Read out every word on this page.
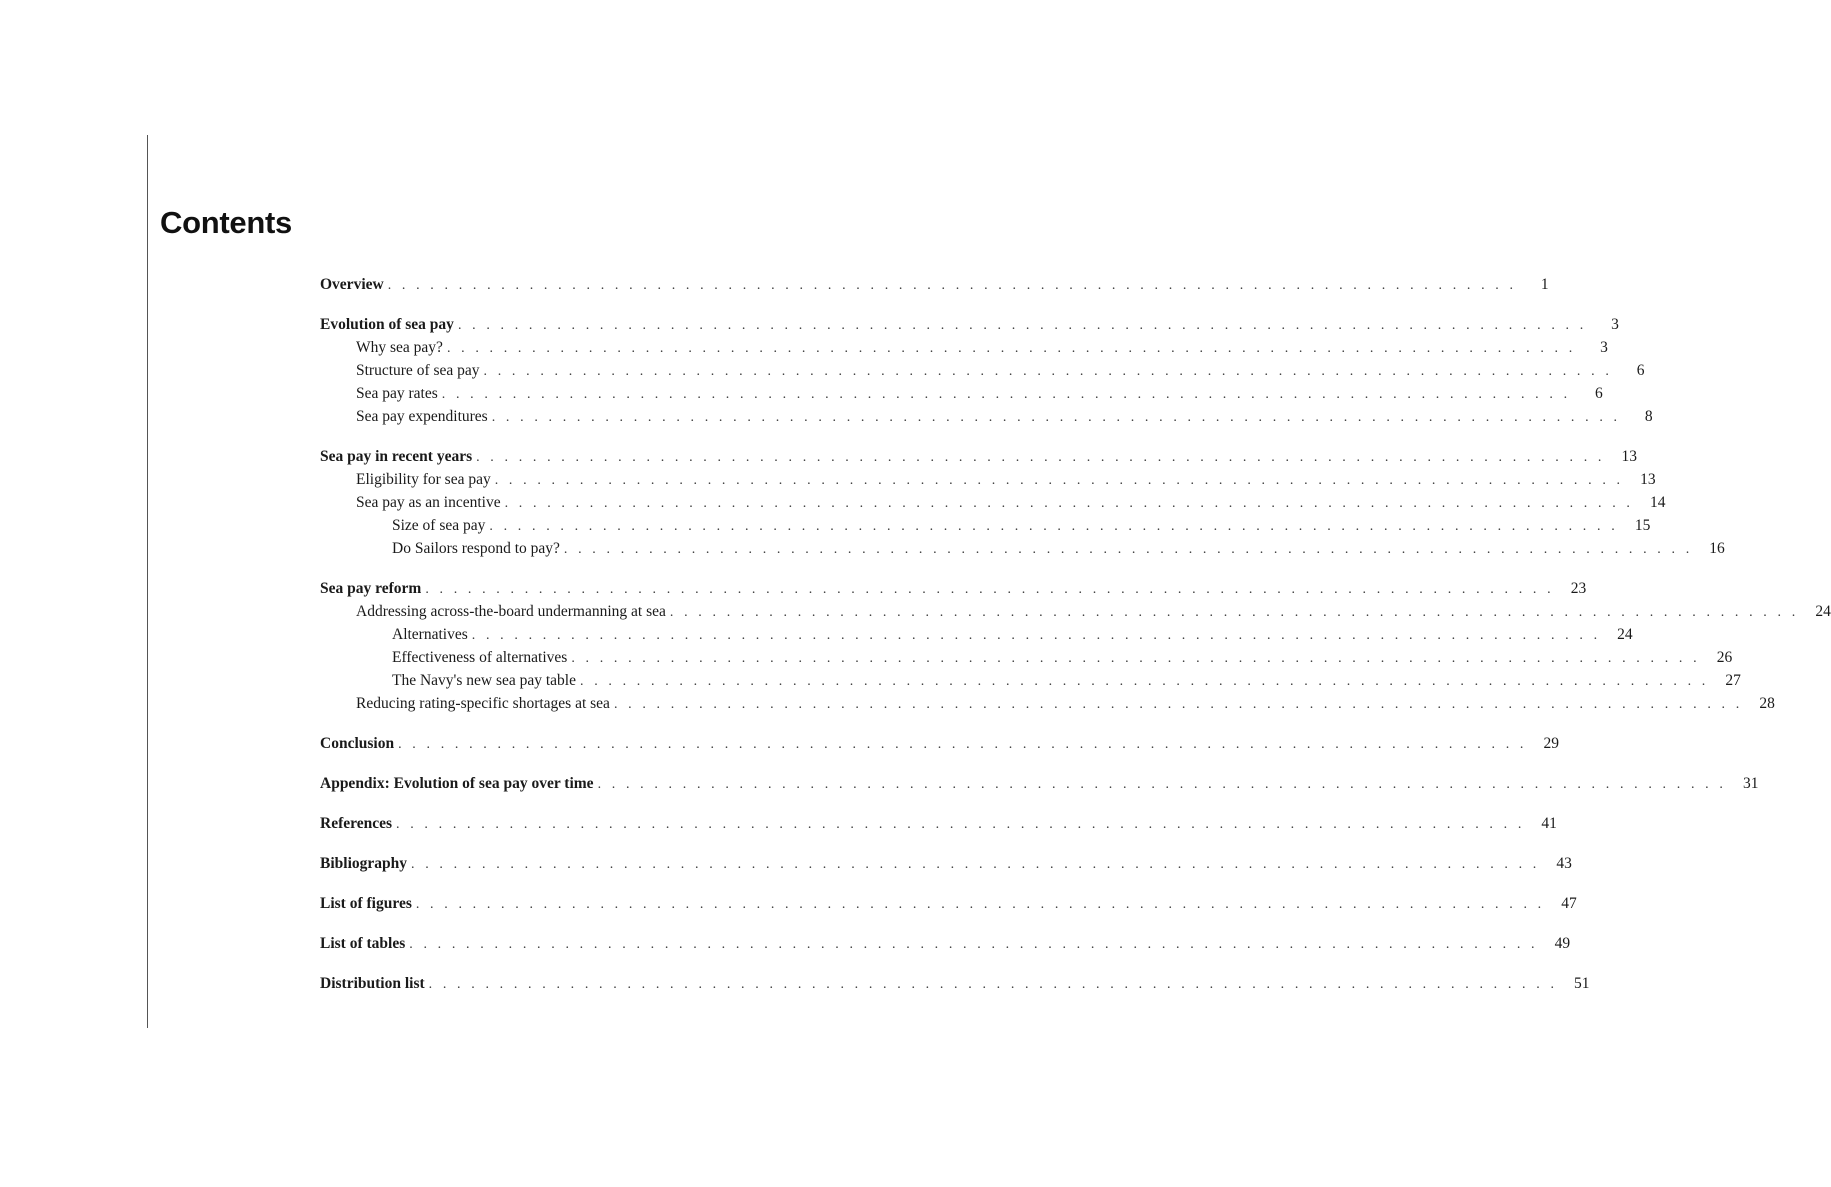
Contents
Overview . . . . . . . . . . . . . . . . . . . . . . . . . . . . . . . . . . . . . . . . . . . . . . . . . . . . . . . . . . . . . . . . . . . . . . . . . . . . . . . .	1
Evolution of sea pay . . . . . . . . . . . . . . . . . . . . . . . . . . . . . . . . . . . . . . . . . . . . . . . . . . . . . . . . . . . . . . . . . . . . . . . . . . . . . . . .	3
Why sea pay? . . . . . . . . . . . . . . . . . . . . . . . . . . . . . . . . . . . . . . . . . . . . . . . . . . . . . . . . . . . . . . . . . . . . . . . . . . . . . . . .	3
Structure of sea pay . . . . . . . . . . . . . . . . . . . . . . . . . . . . . . . . . . . . . . . . . . . . . . . . . . . . . . . . . . . . . . . . . . . . . . . . . . . . . . . .	6
Sea pay rates . . . . . . . . . . . . . . . . . . . . . . . . . . . . . . . . . . . . . . . . . . . . . . . . . . . . . . . . . . . . . . . . . . . . . . . . . . . . . . . .	6
Sea pay expenditures . . . . . . . . . . . . . . . . . . . . . . . . . . . . . . . . . . . . . . . . . . . . . . . . . . . . . . . . . . . . . . . . . . . . . . . . . . . . . . . .	8
Sea pay in recent years . . . . . . . . . . . . . . . . . . . . . . . . . . . . . . . . . . . . . . . . . . . . . . . . . . . . . . . . . . . . . . . . . . . . . . . . . . . . . . . .	13
Eligibility for sea pay . . . . . . . . . . . . . . . . . . . . . . . . . . . . . . . . . . . . . . . . . . . . . . . . . . . . . . . . . . . . . . . . . . . . . . . . . . . . . . . .	13
Sea pay as an incentive . . . . . . . . . . . . . . . . . . . . . . . . . . . . . . . . . . . . . . . . . . . . . . . . . . . . . . . . . . . . . . . . . . . . . . . . . . . . . . . .	14
Size of sea pay . . . . . . . . . . . . . . . . . . . . . . . . . . . . . . . . . . . . . . . . . . . . . . . . . . . . . . . . . . . . . . . . . . . . . . . . . . . . . . . .	15
Do Sailors respond to pay? . . . . . . . . . . . . . . . . . . . . . . . . . . . . . . . . . . . . . . . . . . . . . . . . . . . . . . . . . . . . . . . . . . . . . . . . . . . . . . . .	16
Sea pay reform . . . . . . . . . . . . . . . . . . . . . . . . . . . . . . . . . . . . . . . . . . . . . . . . . . . . . . . . . . . . . . . . . . . . . . . . . . . . . . . .	23
Addressing across-the-board undermanning at sea . . . . . . . . . . . . . . . . . . . . . . . . . . . . . . . . . . . . . . . . . . . . . . . . . . . . . . . . . . . . . . . . . . . . . . . . . . . . . . . .	24
Alternatives . . . . . . . . . . . . . . . . . . . . . . . . . . . . . . . . . . . . . . . . . . . . . . . . . . . . . . . . . . . . . . . . . . . . . . . . . . . . . . . .	24
Effectiveness of alternatives . . . . . . . . . . . . . . . . . . . . . . . . . . . . . . . . . . . . . . . . . . . . . . . . . . . . . . . . . . . . . . . . . . . . . . . . . . . . . . . .	26
The Navy's new sea pay table . . . . . . . . . . . . . . . . . . . . . . . . . . . . . . . . . . . . . . . . . . . . . . . . . . . . . . . . . . . . . . . . . . . . . . . . . . . . . . . .	27
Reducing rating-specific shortages at sea . . . . . . . . . . . . . . . . . . . . . . . . . . . . . . . . . . . . . . . . . . . . . . . . . . . . . . . . . . . . . . . . . . . . . . . . . . . . . . . .	28
Conclusion . . . . . . . . . . . . . . . . . . . . . . . . . . . . . . . . . . . . . . . . . . . . . . . . . . . . . . . . . . . . . . . . . . . . . . . . . . . . . . . .	29
Appendix: Evolution of sea pay over time . . . . . . . . . . . . . . . . . . . . . . . . . . . . . . . . . . . . . . . . . . . . . . . . . . . . . . . . . . . . . . . . . . . . . . . . . . . . . . . .	31
References . . . . . . . . . . . . . . . . . . . . . . . . . . . . . . . . . . . . . . . . . . . . . . . . . . . . . . . . . . . . . . . . . . . . . . . . . . . . . . . .	41
Bibliography . . . . . . . . . . . . . . . . . . . . . . . . . . . . . . . . . . . . . . . . . . . . . . . . . . . . . . . . . . . . . . . . . . . . . . . . . . . . . . . .	43
List of figures . . . . . . . . . . . . . . . . . . . . . . . . . . . . . . . . . . . . . . . . . . . . . . . . . . . . . . . . . . . . . . . . . . . . . . . . . . . . . . . .	47
List of tables . . . . . . . . . . . . . . . . . . . . . . . . . . . . . . . . . . . . . . . . . . . . . . . . . . . . . . . . . . . . . . . . . . . . . . . . . . . . . . . .	49
Distribution list . . . . . . . . . . . . . . . . . . . . . . . . . . . . . . . . . . . . . . . . . . . . . . . . . . . . . . . . . . . . . . . . . . . . . . . . . . . . . . . .	51
